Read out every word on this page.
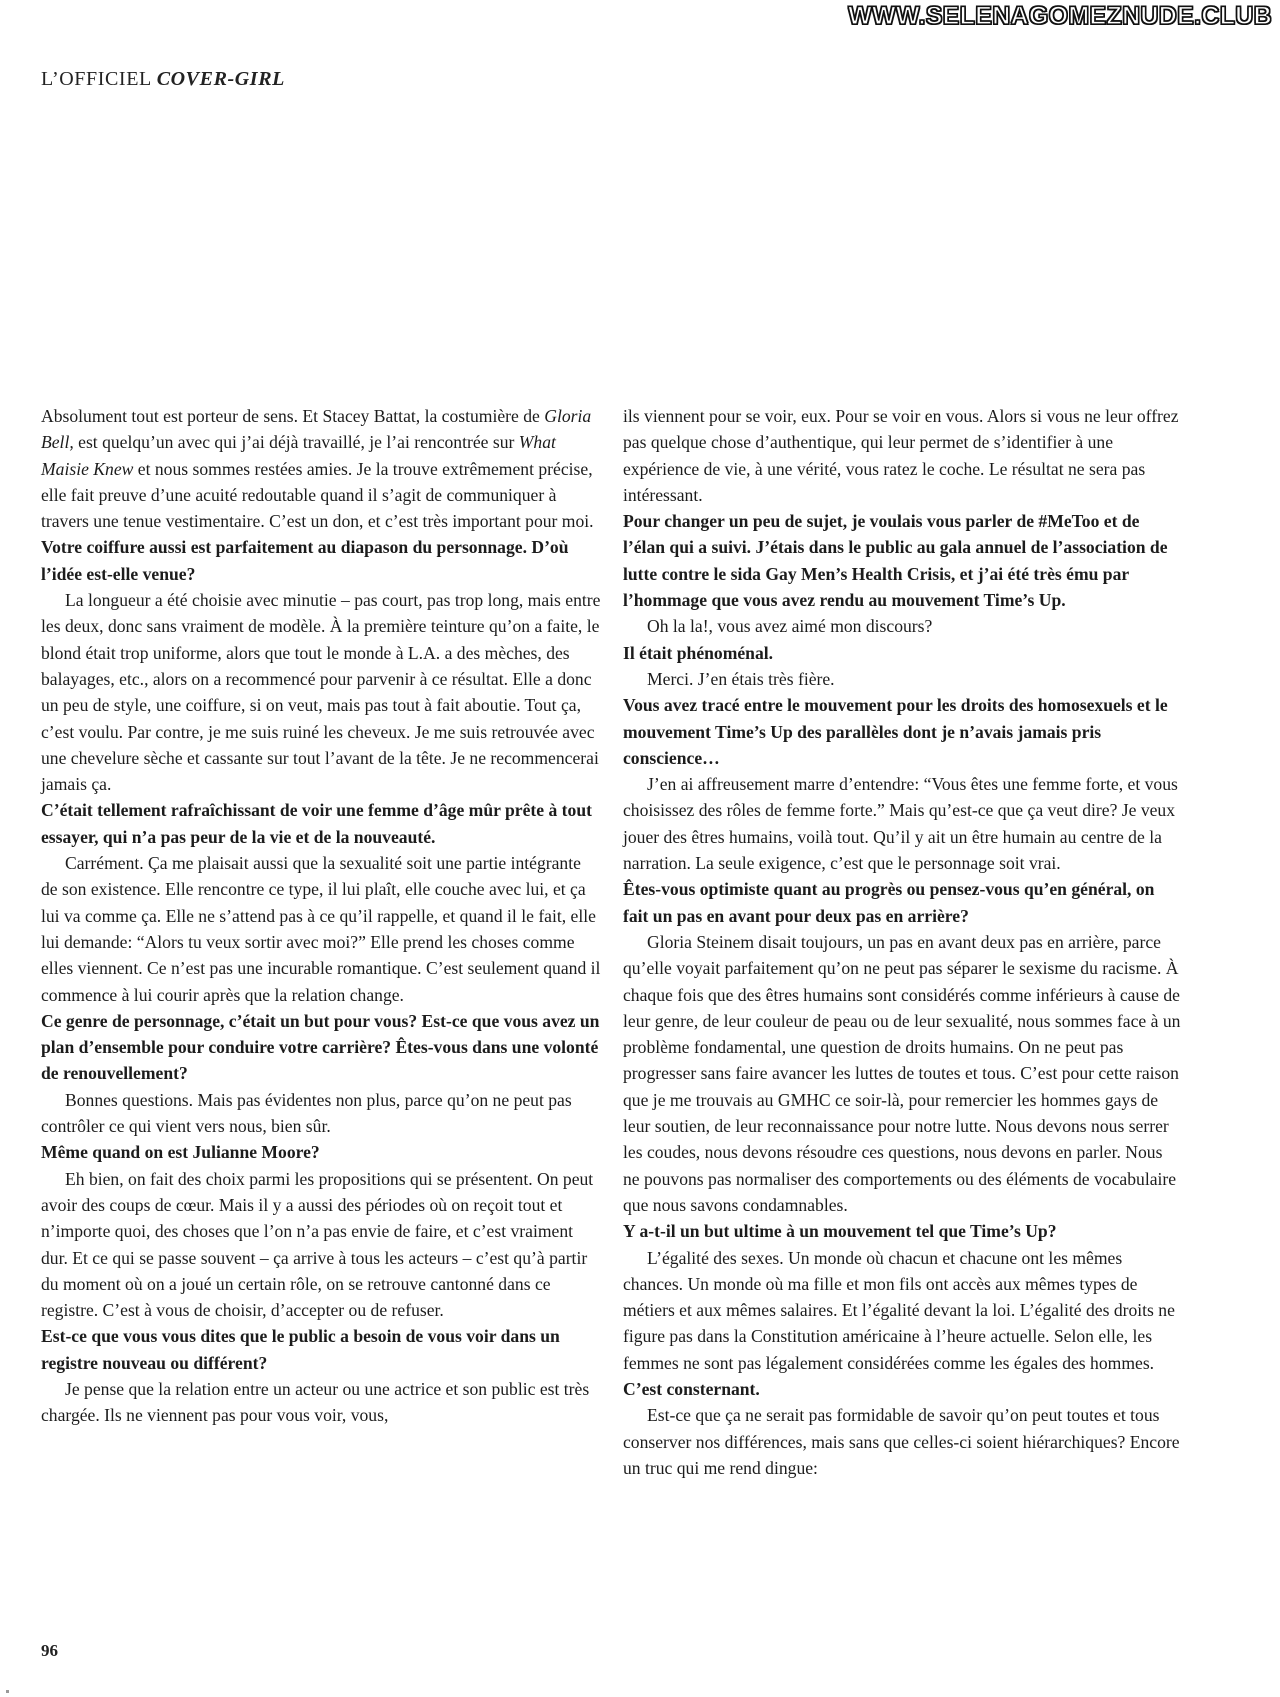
WWW.SELENAGOMEZNUDE.CLUB
L’OFFICIEL COVER-GIRL

Absolument tout est porteur de sens. Et Stacey Battat, la costumière de Gloria Bell, est quelqu’un avec qui j’ai déjà travaillé, je l’ai rencontrée sur What Maisie Knew et nous sommes restées amies. Je la trouve extrêmement précise, elle fait preuve d’une acuité redoutable quand il s’agit de communiquer à travers une tenue vestimentaire. C’est un don, et c’est très important pour moi.

Votre coiffure aussi est parfaitement au diapason du personnage. D’où l’idée est-elle venue?

La longueur a été choisie avec minutie – pas court, pas trop long, mais entre les deux, donc sans vraiment de modèle. À la première teinture qu’on a faite, le blond était trop uniforme, alors que tout le monde à L.A. a des mèches, des balayages, etc., alors on a recommencé pour parvenir à ce résultat. Elle a donc un peu de style, une coiffure, si on veut, mais pas tout à fait aboutie. Tout ça, c’est voulu. Par contre, je me suis ruiné les cheveux. Je me suis retrouvée avec une chevelure sèche et cassante sur tout l’avant de la tête. Je ne recommencerai jamais ça.

C’était tellement rafraîchissant de voir une femme d’âge mûr prête à tout essayer, qui n’a pas peur de la vie et de la nouveauté.

Carrément. Ça me plaisait aussi que la sexualité soit une partie intégrante de son existence. Elle rencontre ce type, il lui plaît, elle couche avec lui, et ça lui va comme ça. Elle ne s’attend pas à ce qu’il rappelle, et quand il le fait, elle lui demande: “Alors tu veux sortir avec moi?” Elle prend les choses comme elles viennent. Ce n’est pas une incurable romantique. C’est seulement quand il commence à lui courir après que la relation change.

Ce genre de personnage, c’était un but pour vous? Est-ce que vous avez un plan d’ensemble pour conduire votre carrière? Êtes-vous dans une volonté de renouvellement?

Bonnes questions. Mais pas évidentes non plus, parce qu’on ne peut pas contrôler ce qui vient vers nous, bien sûr.

Même quand on est Julianne Moore?

Eh bien, on fait des choix parmi les propositions qui se présentent. On peut avoir des coups de cœur. Mais il y a aussi des périodes où on reçoit tout et n’importe quoi, des choses que l’on n’a pas envie de faire, et c’est vraiment dur. Et ce qui se passe souvent – ça arrive à tous les acteurs – c’est qu’à partir du moment où on a joué un certain rôle, on se retrouve cantonné dans ce registre. C’est à vous de choisir, d’accepter ou de refuser.

Est-ce que vous vous dites que le public a besoin de vous voir dans un registre nouveau ou différent?

Je pense que la relation entre un acteur ou une actrice et son public est très chargée. Ils ne viennent pas pour vous voir, vous,

ils viennent pour se voir, eux. Pour se voir en vous. Alors si vous ne leur offrez pas quelque chose d’authentique, qui leur permet de s’identifier à une expérience de vie, à une vérité, vous ratez le coche. Le résultat ne sera pas intéressant.

Pour changer un peu de sujet, je voulais vous parler de #MeToo et de l’élan qui a suivi. J’étais dans le public au gala annuel de l’association de lutte contre le sida Gay Men’s Health Crisis, et j’ai été très ému par l’hommage que vous avez rendu au mouvement Time’s Up.

Oh la la!, vous avez aimé mon discours?

Il était phénoménal.

Merci. J’en étais très fière.

Vous avez tracé entre le mouvement pour les droits des homosexuels et le mouvement Time’s Up des parallèles dont je n’avais jamais pris conscience…

J’en ai affreusement marre d’entendre: “Vous êtes une femme forte, et vous choisissez des rôles de femme forte.” Mais qu’est-ce que ça veut dire? Je veux jouer des êtres humains, voilà tout. Qu’il y ait un être humain au centre de la narration. La seule exigence, c’est que le personnage soit vrai.

Êtes-vous optimiste quant au progrès ou pensez-vous qu’en général, on fait un pas en avant pour deux pas en arrière?

Gloria Steinem disait toujours, un pas en avant deux pas en arrière, parce qu’elle voyait parfaitement qu’on ne peut pas séparer le sexisme du racisme. À chaque fois que des êtres humains sont considérés comme inférieurs à cause de leur genre, de leur couleur de peau ou de leur sexualité, nous sommes face à un problème fondamental, une question de droits humains. On ne peut pas progresser sans faire avancer les luttes de toutes et tous. C’est pour cette raison que je me trouvais au GMHC ce soir-là, pour remercier les hommes gays de leur soutien, de leur reconnaissance pour notre lutte. Nous devons nous serrer les coudes, nous devons résoudre ces questions, nous devons en parler. Nous ne pouvons pas normaliser des comportements ou des éléments de vocabulaire que nous savons condamnables.

Y a-t-il un but ultime à un mouvement tel que Time’s Up?

L’égalité des sexes. Un monde où chacun et chacune ont les mêmes chances. Un monde où ma fille et mon fils ont accès aux mêmes types de métiers et aux mêmes salaires. Et l’égalité devant la loi. L’égalité des droits ne figure pas dans la Constitution américaine à l’heure actuelle. Selon elle, les femmes ne sont pas légalement considérées comme les égales des hommes.

C’est consternant.

Est-ce que ça ne serait pas formidable de savoir qu’on peut toutes et tous conserver nos différences, mais sans que celles-ci soient hiérarchiques? Encore un truc qui me rend dingue:

96
